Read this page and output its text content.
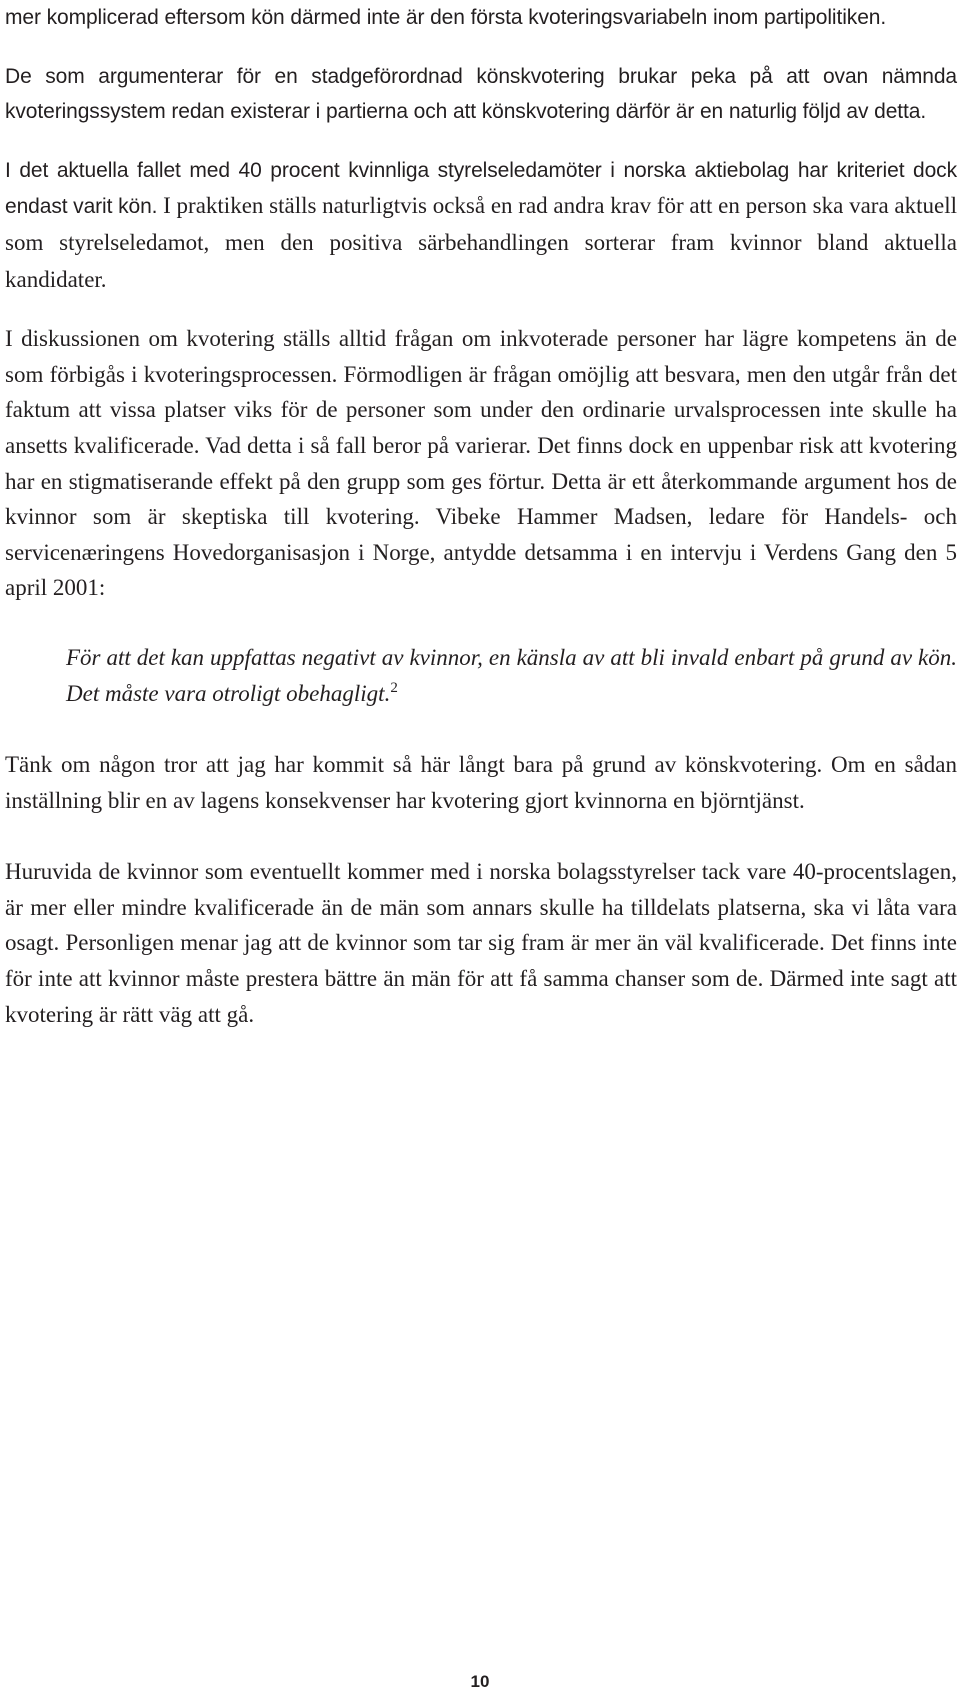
mer komplicerad eftersom kön därmed inte är den första kvoteringsvariabeln inom partipolitiken.

De som argumenterar för en stadgeförordnad könskvotering brukar peka på att ovan nämnda kvoteringssystem redan existerar i partierna och att könskvotering därför är en naturlig följd av detta.

I det aktuella fallet med 40 procent kvinnliga styrelseledamöter i norska aktiebolag har kriteriet dock endast varit kön. I praktiken ställs naturligtvis också en rad andra krav för att en person ska vara aktuell som styrelseledamot, men den positiva särbehandlingen sorterar fram kvinnor bland aktuella kandidater.

I diskussionen om kvotering ställs alltid frågan om inkvoterade personer har lägre kompetens än de som förbigås i kvoteringsprocessen. Förmodligen är frågan omöjlig att besvara, men den utgår från det faktum att vissa platser viks för de personer som under den ordinarie urvalsprocessen inte skulle ha ansetts kvalificerade. Vad detta i så fall beror på varierar. Det finns dock en uppenbar risk att kvotering har en stigmatiserande effekt på den grupp som ges förtur. Detta är ett återkommande argument hos de kvinnor som är skeptiska till kvotering. Vibeke Hammer Madsen, ledare för Handels- och servicenæringens Hovedorganisasjon i Norge, antydde detsamma i en intervju i Verdens Gang den 5 april 2001:

För att det kan uppfattas negativt av kvinnor, en känsla av att bli invald enbart på grund av kön. Det måste vara otroligt obehagligt.$^2$

Tänk om någon tror att jag har kommit så här långt bara på grund av könskvotering. Om en sådan inställning blir en av lagens konsekvenser har kvotering gjort kvinnorna en björntjänst.

Huruvida de kvinnor som eventuellt kommer med i norska bolagsstyrelser tack vare 40-procentslagen, är mer eller mindre kvalificerade än de män som annars skulle ha tilldelats platserna, ska vi låta vara osagt. Personligen menar jag att de kvinnor som tar sig fram är mer än väl kvalificerade. Det finns inte för inte att kvinnor måste prestera bättre än män för att få samma chanser som de. Därmed inte sagt att kvotering är rätt väg att gå.

10
